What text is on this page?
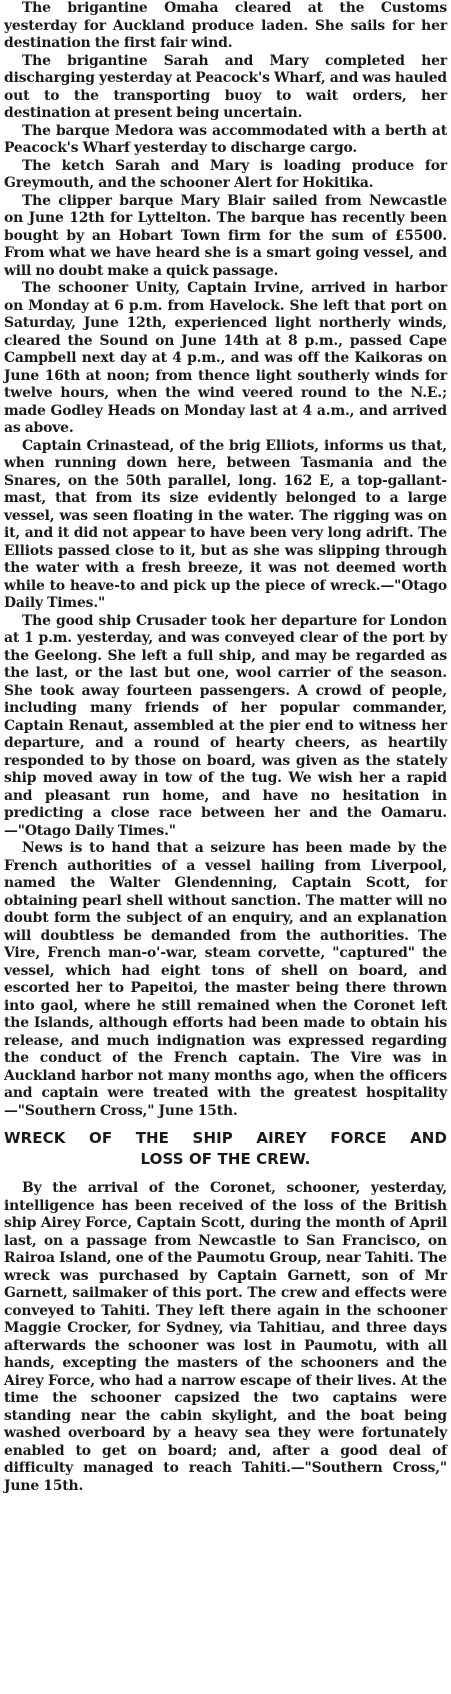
The brigantine Omaha cleared at the Customs yesterday for Auckland produce laden. She sails for her destination the first fair wind.

The brigantine Sarah and Mary completed her discharging yesterday at Peacock's Wharf, and was hauled out to the transporting buoy to wait orders, her destination at present being uncertain.

The barque Medora was accommodated with a berth at Peacock's Wharf yesterday to discharge cargo.

The ketch Sarah and Mary is loading produce for Greymouth, and the schooner Alert for Hokitika.

The clipper barque Mary Blair sailed from Newcastle on June 12th for Lyttelton. The barque has recently been bought by an Hobart Town firm for the sum of £5500. From what we have heard she is a smart going vessel, and will no doubt make a quick passage.

The schooner Unity, Captain Irvine, arrived in harbor on Monday at 6 p.m. from Havelock. She left that port on Saturday, June 12th, experienced light northerly winds, cleared the Sound on June 14th at 8 p.m., passed Cape Campbell next day at 4 p.m., and was off the Kaikoras on June 16th at noon; from thence light southerly winds for twelve hours, when the wind veered round to the N.E.; made Godley Heads on Monday last at 4 a.m., and arrived as above.

Captain Crinastead, of the brig Elliots, informs us that, when running down here, between Tasmania and the Snares, on the 50th parallel, long. 162 E, a top-gallant-mast, that from its size evidently belonged to a large vessel, was seen floating in the water. The rigging was on it, and it did not appear to have been very long adrift. The Elliots passed close to it, but as she was slipping through the water with a fresh breeze, it was not deemed worth while to heave-to and pick up the piece of wreck.—"Otago Daily Times."

The good ship Crusader took her departure for London at 1 p.m. yesterday, and was conveyed clear of the port by the Geelong. She left a full ship, and may be regarded as the last, or the last but one, wool carrier of the season. She took away fourteen passengers. A crowd of people, including many friends of her popular commander, Captain Renaut, assembled at the pier end to witness her departure, and a round of hearty cheers, as heartily responded to by those on board, was given as the stately ship moved away in tow of the tug. We wish her a rapid and pleasant run home, and have no hesitation in predicting a close race between her and the Oamaru.—"Otago Daily Times."

News is to hand that a seizure has been made by the French authorities of a vessel hailing from Liverpool, named the Walter Glendenning, Captain Scott, for obtaining pearl shell without sanction. The matter will no doubt form the subject of an enquiry, and an explanation will doubtless be demanded from the authorities. The Vire, French man-o'-war, steam corvette, "captured" the vessel, which had eight tons of shell on board, and escorted her to Papeitoi, the master being there thrown into gaol, where he still remained when the Coronet left the Islands, although efforts had been made to obtain his release, and much indignation was expressed regarding the conduct of the French captain. The Vire was in Auckland harbor not many months ago, when the officers and captain were treated with the greatest hospitality—"Southern Cross," June 15th.

WRECK OF THE SHIP AIREY FORCE AND
LOSS OF THE CREW.

By the arrival of the Coronet, schooner, yesterday, intelligence has been received of the loss of the British ship Airey Force, Captain Scott, during the month of April last, on a passage from Newcastle to San Francisco, on Rairoa Island, one of the Paumotu Group, near Tahiti. The wreck was purchased by Captain Garnett, son of Mr Garnett, sailmaker of this port. The crew and effects were conveyed to Tahiti. They left there again in the schooner Maggie Crocker, for Sydney, via Tahitiau, and three days afterwards the schooner was lost in Paumotu, with all hands, excepting the masters of the schooners and the Airey Force, who had a narrow escape of their lives. At the time the schooner capsized the two captains were standing near the cabin skylight, and the boat being washed overboard by a heavy sea they were fortunately enabled to get on board; and, after a good deal of difficulty managed to reach Tahiti.—"Southern Cross," June 15th.
